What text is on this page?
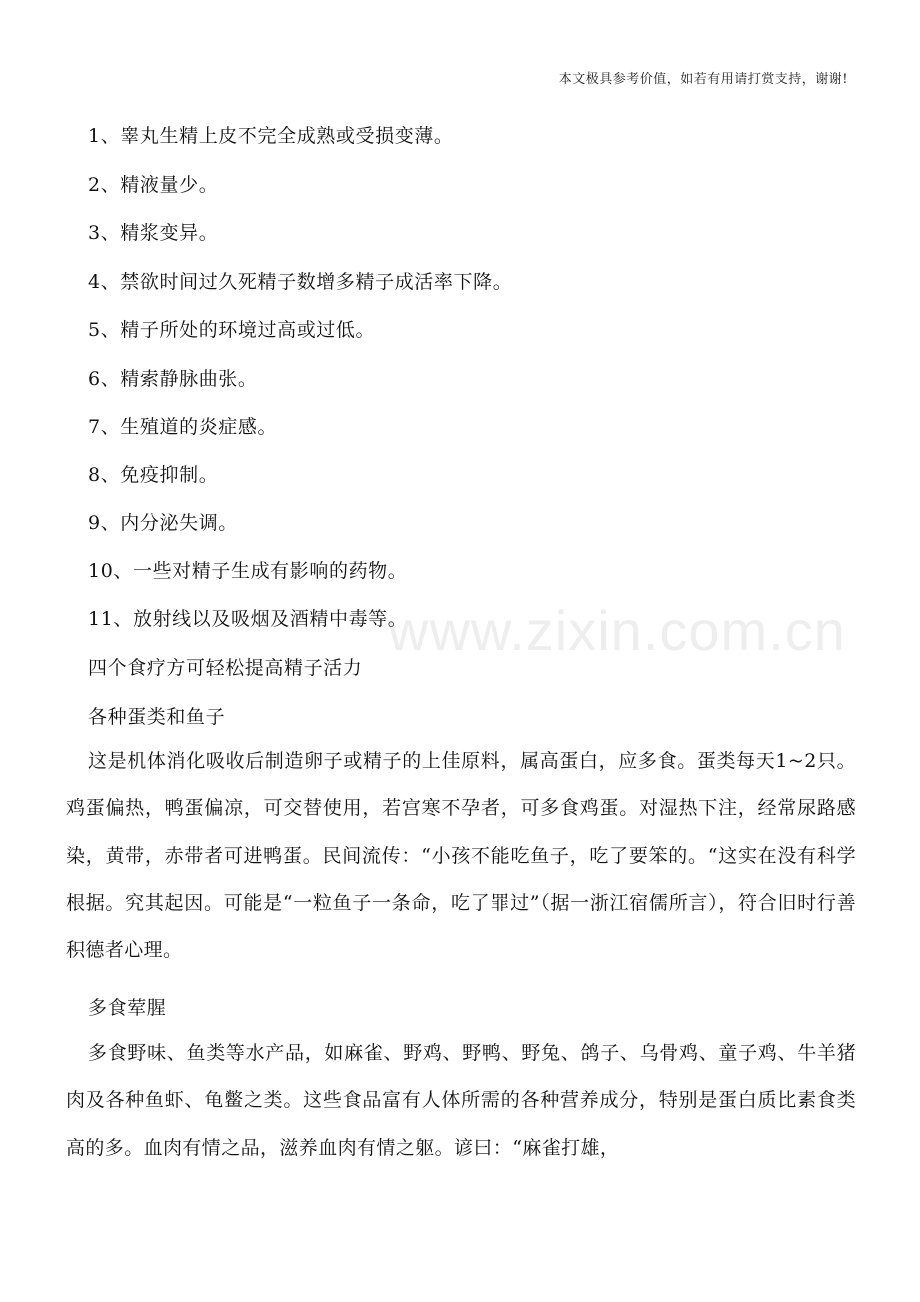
本文极具参考价值，如若有用请打赏支持，谢谢!
www.zixin.com.cn
1、睾丸生精上皮不完全成熟或受损变薄。
2、精液量少。
3、精浆变异。
4、禁欲时间过久死精子数增多精子成活率下降。
5、精子所处的环境过高或过低。
6、精索静脉曲张。
7、生殖道的炎症感。
8、免疫抑制。
9、内分泌失调。
10、一些对精子生成有影响的药物。
11、放射线以及吸烟及酒精中毒等。
四个食疗方可轻松提高精子活力
各种蛋类和鱼子
这是机体消化吸收后制造卵子或精子的上佳原料，属高蛋白，应多食。蛋类每天1~2只。鸡蛋偏热，鸭蛋偏凉，可交替使用，若宫寒不孕者，可多食鸡蛋。对湿热下注，经常尿路感染，黄带，赤带者可进鸭蛋。民间流传：“小孩不能吃鱼子，吃了要笨的。“这实在没有科学根据。究其起因。可能是“一粒鱼子一条命，吃了罪过”（据一浙江宿儒所言），符合旧时行善积德者心理。
多食荤腥
多食野味、鱼类等水产品，如麻雀、野鸡、野鸭、野兔、鸽子、乌骨鸡、童子鸡、牛羊猪肉及各种鱼虾、龟鳖之类。这些食品富有人体所需的各种营养成分，特别是蛋白质比素食类高的多。血肉有情之品，滋养血肉有情之躯。谚曰：“麻雀打雄，
